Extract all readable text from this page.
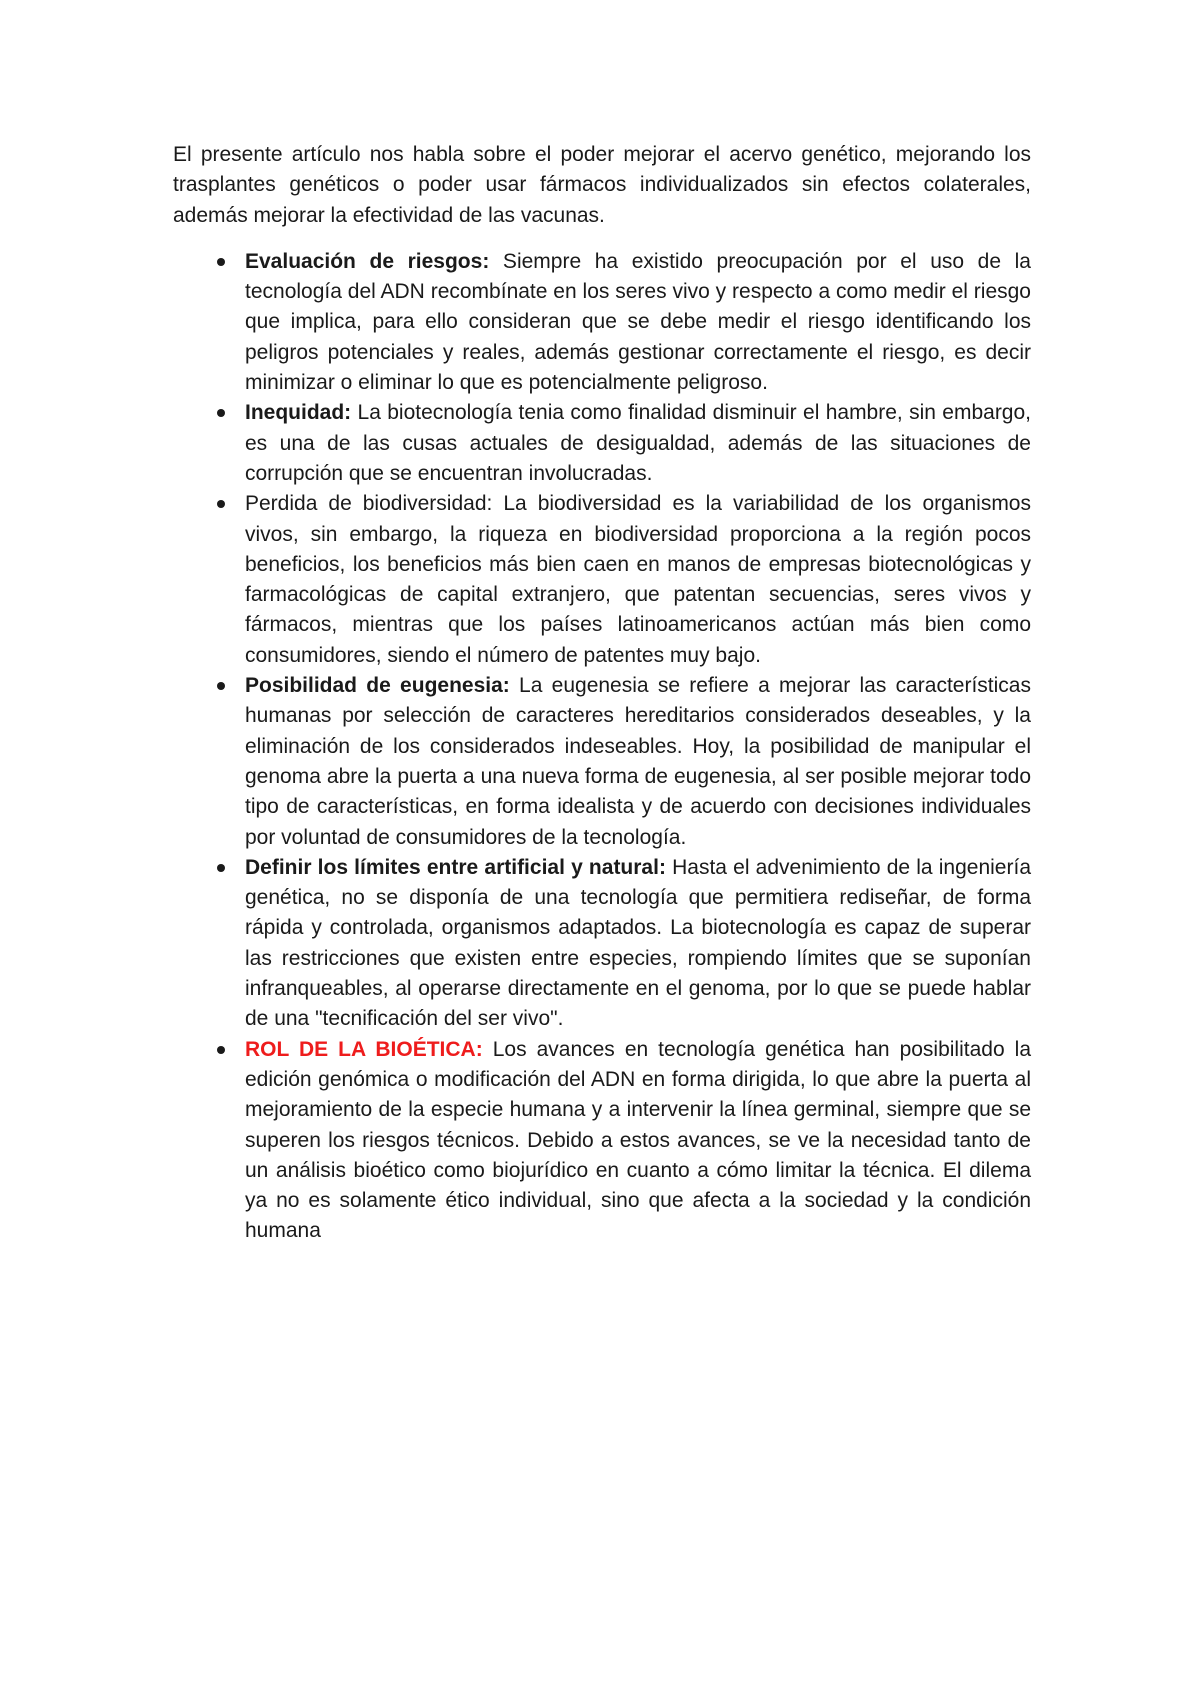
El presente artículo nos habla sobre el poder mejorar el acervo genético, mejorando los trasplantes genéticos o poder usar fármacos individualizados sin efectos colaterales, además mejorar la efectividad de las vacunas.

Evaluación de riesgos: Siempre ha existido preocupación por el uso de la tecnología del ADN recombínate en los seres vivo y respecto a como medir el riesgo que implica, para ello consideran que se debe medir el riesgo identificando los peligros potenciales y reales, además gestionar correctamente el riesgo, es decir minimizar o eliminar lo que es potencialmente peligroso.
Inequidad: La biotecnología tenia como finalidad disminuir el hambre, sin embargo, es una de las cusas actuales de desigualdad, además de las situaciones de corrupción que se encuentran involucradas.
Perdida de biodiversidad: La biodiversidad es la variabilidad de los organismos vivos, sin embargo, la riqueza en biodiversidad proporciona a la región pocos beneficios, los beneficios más bien caen en manos de empresas biotecnológicas y farmacológicas de capital extranjero, que patentan secuencias, seres vivos y fármacos, mientras que los países latinoamericanos actúan más bien como consumidores, siendo el número de patentes muy bajo.
Posibilidad de eugenesia: La eugenesia se refiere a mejorar las características humanas por selección de caracteres hereditarios considerados deseables, y la eliminación de los considerados indeseables. Hoy, la posibilidad de manipular el genoma abre la puerta a una nueva forma de eugenesia, al ser posible mejorar todo tipo de características, en forma idealista y de acuerdo con decisiones individuales por voluntad de consumidores de la tecnología.
Definir los límites entre artificial y natural: Hasta el advenimiento de la ingeniería genética, no se disponía de una tecnología que permitiera rediseñar, de forma rápida y controlada, organismos adaptados. La biotecnología es capaz de superar las restricciones que existen entre especies, rompiendo límites que se suponían infranqueables, al operarse directamente en el genoma, por lo que se puede hablar de una "tecnificación del ser vivo".
ROL DE LA BIOÉTICA: Los avances en tecnología genética han posibilitado la edición genómica o modificación del ADN en forma dirigida, lo que abre la puerta al mejoramiento de la especie humana y a intervenir la línea germinal, siempre que se superen los riesgos técnicos. Debido a estos avances, se ve la necesidad tanto de un análisis bioético como biojurídico en cuanto a cómo limitar la técnica. El dilema ya no es solamente ético individual, sino que afecta a la sociedad y la condición humana
